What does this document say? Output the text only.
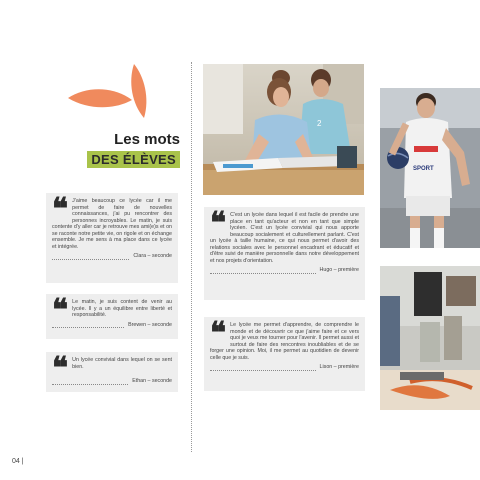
Les mots
DES ÉLÈVES
❝ J'aime beaucoup ce lycée car il me permet de faire de nouvelles connaissances, j'ai pu rencontrer des personnes incroyables. Le matin, je suis contente d'y aller car je retrouve mes ami(e)s et on se raconte notre petite vie, on rigole et on échange ensemble. Je me sens à ma place dans ce lycée et intégrée.
Clara – seconde
❝ Le matin, je suis content de venir au lycée. Il y a un équilibre entre liberté et responsabilité.
Brewen – seconde
❝ Un lycée convivial dans lequel on se sent bien.
Ethan – seconde
❝ C'est un lycée dans lequel il est facile de prendre une place en tant qu'acteur et non en tant que simple lycéen. C'est un lycée convivial qui nous apporte beaucoup socialement et culturellement parlant. C'est un lycée à taille humaine, ce qui nous permet d'avoir des relations sociales avec le personnel encadrant et éducatif et d'être suivi de manière personnelle dans notre développement et nos projets d'orientation.
Hugo – première
❝ Le lycée me permet d'apprendre, de comprendre le monde et de découvrir ce que j'aime faire et ce vers quoi je veux me tourner pour l'avenir. Il permet aussi et surtout de faire des rencontres inoubliables et de se forger une opinion. Moi, il me permet au quotidien de devenir celle que je suis.
Lison – première
2
SPORT
04 |
